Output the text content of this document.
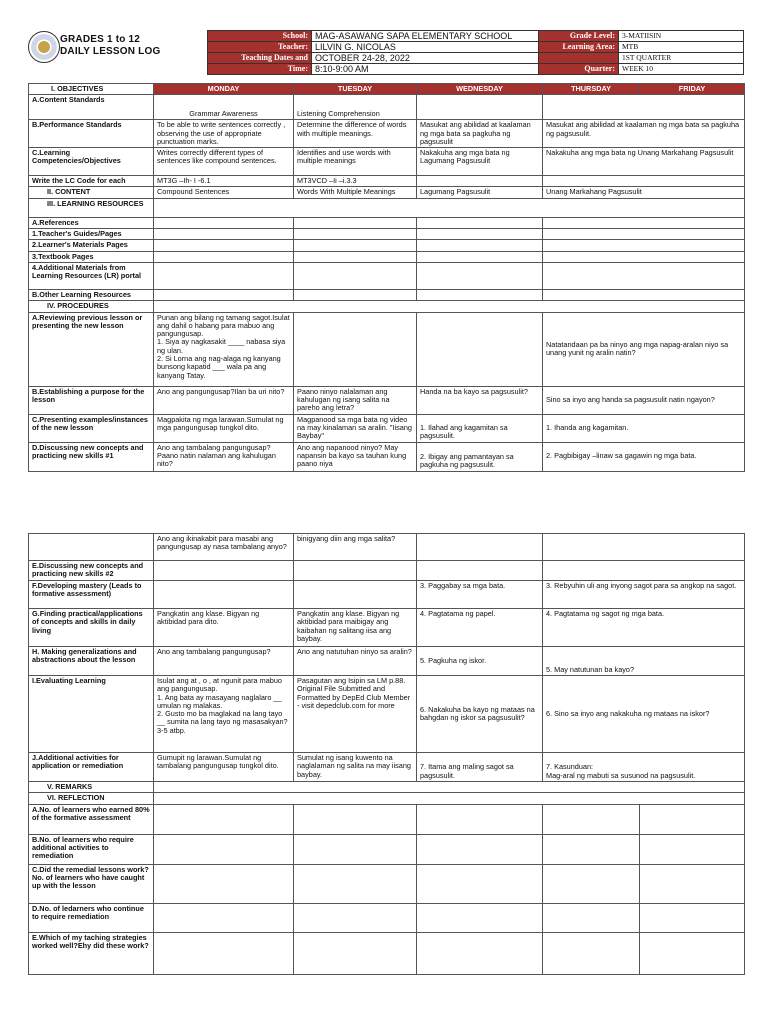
GRADES 1 to 12
DAILY LESSON LOG
School:	MAG-ASAWANG SAPA ELEMENTARY SCHOOL	Grade Level:	3-MATIISIN
Teacher:	LILVIN G. NICOLAS	Learning Area:	MTB
Teaching Dates and	OCTOBER 24-28, 2022		1ST QUARTER
Time:	8:10-9:00 AM	Quarter:	WEEK 10
I. OBJECTIVES	MONDAY	TUESDAY	WEDNESDAY	THURSDAY	FRIDAY
A.Content Standards	Grammar Awareness	Listening Comprehension			
B.Performance Standards	To be able to write sentences correctly , observing the use of appropriate punctuation marks.	Determine the difference of words with multiple meanings.	Masukat ang abilidad at kaalaman ng mga bata sa pagkuha ng pagsusulit	Masukat ang abilidad at kaalaman ng mga bata sa pagkuha ng pagsusulit.	
C.Learning Competencies/Objectives	Writes correctly different types of sentences like compound sentences.	Identifies and use words with multiple meanings	Nakakuha ang mga bata ng Lagumang Pagsusulit	Nakakuha ang mga bata ng Unang Markahang Pagsusulit	
Write the LC Code for each	MT3G –Ih- I -6.1	MT3VCD –Ii –i.3.3			
II. CONTENT	Compound Sentences	Words With Multiple Meanings	Lagumang Pagsusulit	Unang Markahang Pagsusulit	
III. LEARNING RESOURCES					
A.References					
1.Teacher's Guides/Pages					
2.Learner's Materials Pages					
3.Textbook Pages					
4.Additional Materials from Learning Resources (LR) portal					
B.Other Learning Resources					
IV. PROCEDURES					
A.Reviewing previous lesson or presenting the new lesson	Punan ang bilang ng tamang sagot.Isulat ang dahil o habang para mabuo ang pangungusap.
1. Siya ay nagkasakit ____ nabasa siya ng ulan.
2. Si Lorna ang nag-alaga ng kanyang bunsong kapatid ___ wala pa ang kanyang Tatay.			Natatandaan pa ba ninyo ang mga napag-aralan niyo sa unang yunit ng aralin natin?	
B.Establishing a purpose for the lesson	Ano ang pangungusap?Ilan ba uri nito?	Paano ninyo nalalaman ang kahulugan ng isang salita na pareho ang letra?	Handa na ba kayo sa pagsusulit?	Sino sa inyo ang handa sa pagsusulit natin ngayon?	
C.Presenting examples/instances of the new lesson	Magpakita ng mga larawan.Sumulat ng mga pangungusap tungkol dito.	Magpanood sa mga bata ng video na may kinalaman sa aralin. "Iisang Baybay"	1. Ilahad ang kagamitan sa pagsusulit.	1. Ihanda ang kagamitan.	
D.Discussing new concepts and practicing new skills #1	Ano ang tambalang pangungusap? Paano natin nalaman ang kahulugan nito?	Ano ang napanood ninyo? May napansin ba kayo sa tauhan kung paano niya	2. Ibigay ang pamantayan sa pagkuha ng pagsusulit.	2. Pagbibigay –linaw sa gagawin ng mga bata.	
	Ano ang ikinakabit para masabi ang pangungusap ay nasa tambalang anyo?	binigyang diin ang mga salita?			
E.Discussing new concepts and practicing new skills #2					
F.Developing mastery (Leads to formative assessment)			3. Paggabay sa mga bata.	3. Rebyuhin uli ang inyong sagot para sa angkop na sagot.	
G.Finding practical/applications of concepts and skills in daily living	Pangkatin ang klase. Bigyan ng aktibidad para dito.	Pangkatin ang klase. Bigyan ng aktibidad para maibigay ang kaibahan ng salitang iisa ang baybay.	4. Pagtatama ng papel.	4. Pagtatama ng sagot ng mga bata.	
H. Making generalizations and abstractions about the lesson	Ano ang tambalang pangungusap?	Ano ang natutuhan ninyo sa aralin?	5. Pagkuha ng iskor.	5. May natutunan ba kayo?	
I.Evaluating Learning	Isulat ang at , o , at ngunit para mabuo ang pangungusap.
1. Ang bata ay masayang naglalaro __ umulan ng malakas.
2. Gusto mo ba maglakad na lang tayo __ sumita na lang tayo ng masasakyan?
3-5 atbp.	Pasagutan ang Isipin sa LM p.88.
Original File Submitted and Formatted by DepEd Club Member - visit depedclub.com for more	6. Nakakuha ba kayo ng mataas na bahgdan ng iskor sa pagsusulit?	6. Sino sa inyo ang nakakuha ng mataas na iskor?	
J.Additional activities for application or remediation	Gumupit ng larawan.Sumulat ng tambalang pangungusap tungkol dito.	Sumulat ng isang kuwento na naglalaman ng salita na may iisang baybay.	7. Itama ang maling sagot sa pagsusulit.	7. Kasunduan:
Mag-aral ng mabuti sa susunod na pagsusulit.	
V. REMARKS					
VI. REFLECTION					
A.No. of learners who earned 80% of the formative assessment					
B.No. of learners who require additional activities to remediation					
C.Did the remedial lessons work?No. of learners who have caught up with the lesson					
D.No. of ledarners who continue to require remediation					
E.Which of my taching strategies worked well?Ehy did these work?					
